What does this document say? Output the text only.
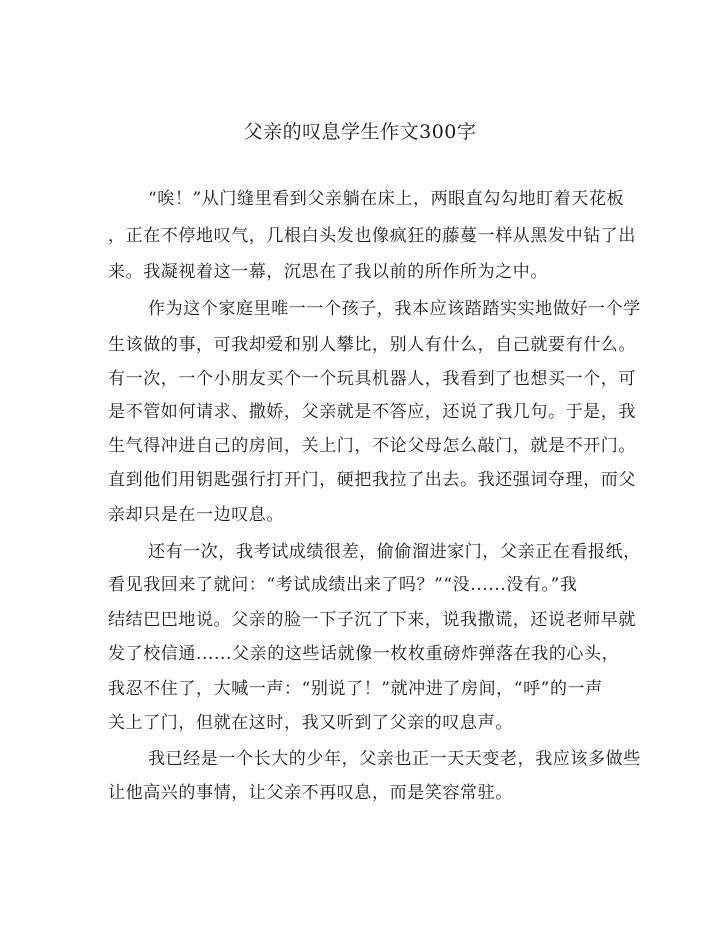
父亲的叹息学生作文300字
“唉！”从门缝里看到父亲躺在床上，两眼直勾勾地盯着天花板
，正在不停地叹气，几根白头发也像疯狂的藤蔓一样从黑发中钻了出
来。我凝视着这一幕，沉思在了我以前的所作所为之中。
作为这个家庭里唯一一个孩子，我本应该踏踏实实地做好一个学
生该做的事，可我却爱和别人攀比，别人有什么，自己就要有什么。
有一次，一个小朋友买个一个玩具机器人，我看到了也想买一个，可
是不管如何请求、撒娇，父亲就是不答应，还说了我几句。于是，我
生气得冲进自己的房间，关上门，不论父母怎么敲门，就是不开门。
直到他们用钥匙强行打开门，硬把我拉了出去。我还强词夺理，而父
亲却只是在一边叹息。
还有一次，我考试成绩很差，偷偷溜进家门，父亲正在看报纸，
看见我回来了就问：“考试成绩出来了吗？”“没......没有。”我
结结巴巴地说。父亲的脸一下子沉了下来，说我撒谎，还说老师早就
发了校信通......父亲的这些话就像一枚枚重磅炸弹落在我的心头，
我忍不住了，大喊一声：“别说了！”就冲进了房间，“呼”的一声
关上了门，但就在这时，我又听到了父亲的叹息声。
我已经是一个长大的少年，父亲也正一天天变老，我应该多做些
让他高兴的事情，让父亲不再叹息，而是笑容常驻。
